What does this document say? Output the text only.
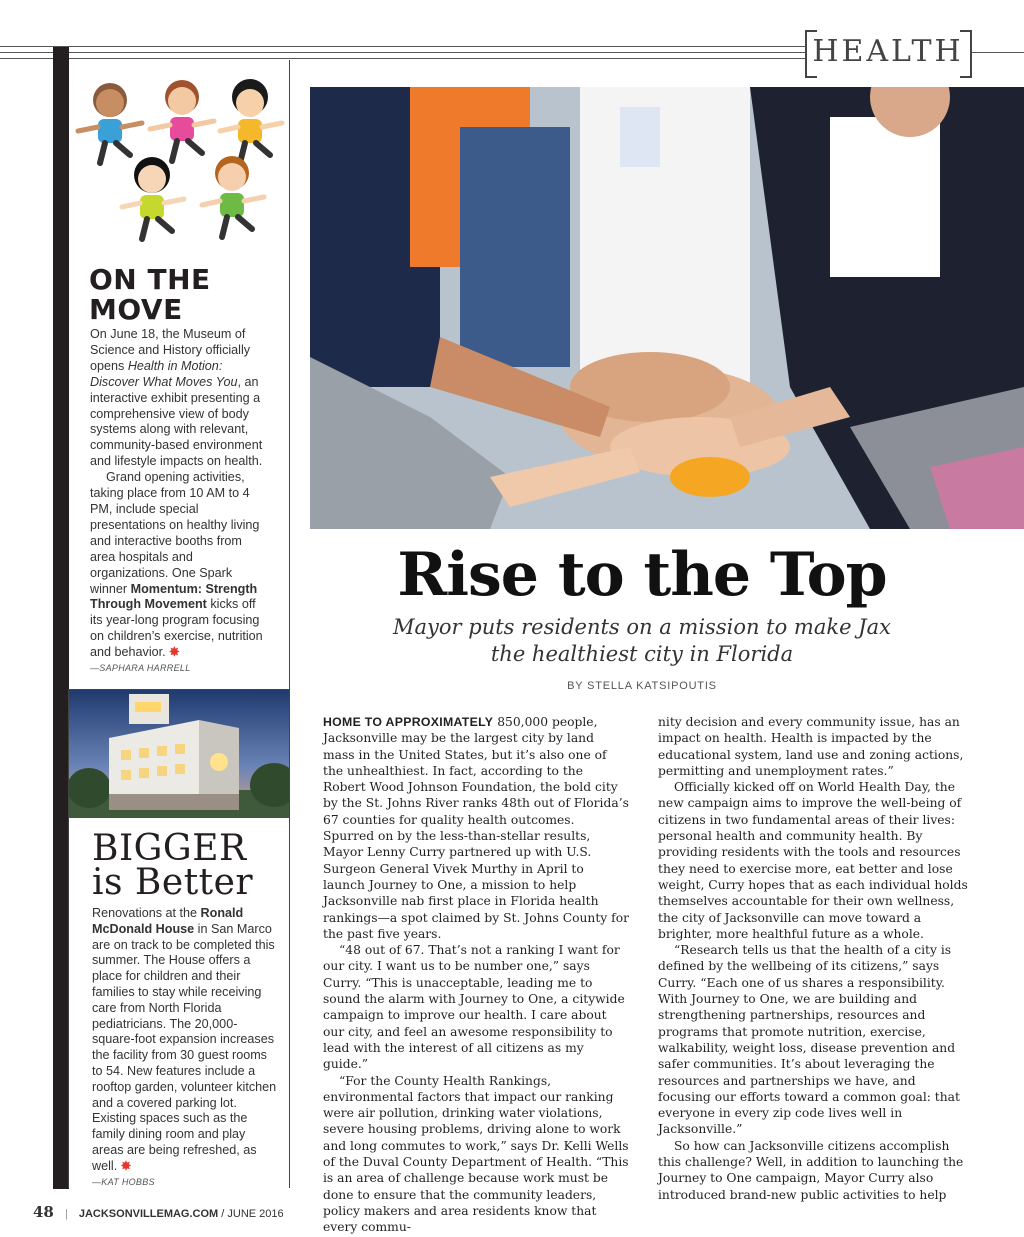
HEALTH
ON THE
MOVE

On June 18, the Museum of Science and History officially opens Health in Motion: Discover What Moves You, an interactive exhibit presenting a comprehensive view of body systems along with relevant, community-based environment and lifestyle impacts on health.

Grand opening activities, taking place from 10 AM to 4 PM, include special presentations on healthy living and interactive booths from area hospitals and organizations. One Spark winner Momentum: Strength Through Movement kicks off its year-long program focusing on children’s exercise, nutrition and behavior. ✸

—SAPHARA HARRELL
BIGGER
is Better

Renovations at the Ronald McDonald House in San Marco are on track to be completed this summer. The House offers a place for children and their families to stay while receiving care from North Florida pediatricians. The 20,000-square-foot expansion increases the facility from 30 guest rooms to 54. New features include a rooftop garden, volunteer kitchen and a covered parking lot. Existing spaces such as the family dining room and play areas are being refreshed, as well. ✸

—KAT HOBBS
Rise to the Top
Mayor puts residents on a mission to make Jax
the healthiest city in Florida
BY STELLA KATSIPOUTIS

HOME TO APPROXIMATELY 850,000 people, Jacksonville may be the largest city by land mass in the United States, but it’s also one of the unhealthiest. In fact, according to the Robert Wood Johnson Foundation, the bold city by the St. Johns River ranks 48th out of Florida’s 67 counties for quality health outcomes. Spurred on by the less-than-stellar results, Mayor Lenny Curry partnered up with U.S. Surgeon General Vivek Murthy in April to launch Journey to One, a mission to help Jacksonville nab first place in Florida health rankings—a spot claimed by St. Johns County for the past five years.

“48 out of 67. That’s not a ranking I want for our city. I want us to be number one,” says Curry. “This is unacceptable, leading me to sound the alarm with Journey to One, a citywide campaign to improve our health. I care about our city, and feel an awesome responsibility to lead with the interest of all citizens as my guide.”

“For the County Health Rankings, environmental factors that impact our ranking were air pollution, drinking water violations, severe housing problems, driving alone to work and long commutes to work,” says Dr. Kelli Wells of the Duval County Department of Health. “This is an area of challenge because work must be done to ensure that the community leaders, policy makers and area residents know that every commu-

nity decision and every community issue, has an impact on health. Health is impacted by the educational system, land use and zoning actions, permitting and unemployment rates.”

Officially kicked off on World Health Day, the new campaign aims to improve the well-being of citizens in two fundamental areas of their lives: personal health and community health. By providing residents with the tools and resources they need to exercise more, eat better and lose weight, Curry hopes that as each individual holds themselves accountable for their own wellness, the city of Jacksonville can move toward a brighter, more healthful future as a whole.

“Research tells us that the health of a city is defined by the wellbeing of its citizens,” says Curry. “Each one of us shares a responsibility. With Journey to One, we are building and strengthening partnerships, resources and programs that promote nutrition, exercise, walkability, weight loss, disease prevention and safer communities. It’s about leveraging the resources and partnerships we have, and focusing our efforts toward a common goal: that everyone in every zip code lives well in Jacksonville.”

So how can Jacksonville citizens accomplish this challenge? Well, in addition to launching the Journey to One campaign, Mayor Curry also introduced brand-new public activities to help

48 | JACKSONVILLEMAG.COM / JUNE 2016
